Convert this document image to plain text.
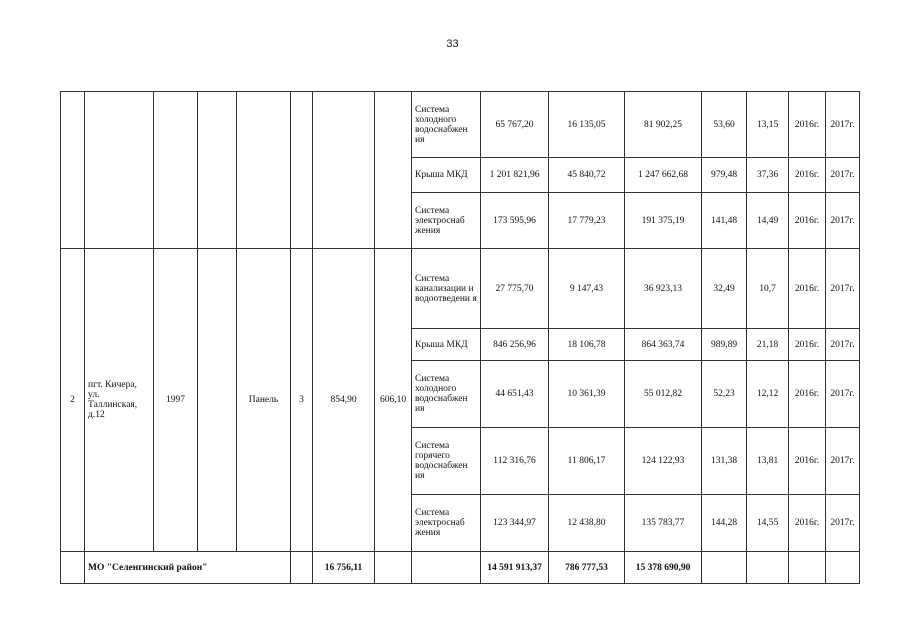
33
								Система холодного водоснабжен ия	65 767,20	16 135,05	81 902,25	53,60	13,15	2016г.	2017г.
								Крыша МКД	1 201 821,96	45 840,72	1 247 662,68	979,48	37,36	2016г.	2017г.
								Система электроснаб жения	173 595,96	17 779,23	191 375,19	141,48	14,49	2016г.	2017г.
2	пгт. Кичера, ул. Таллинская, д.12	1997		Панель	3	854,90	606,10	Система канализации и водоотведени я	27 775,70	9 147,43	36 923,13	32,49	10,7	2016г.	2017г.
								Крыша МКД	846 256,96	18 106,78	864 363,74	989,89	21,18	2016г.	2017г.
								Система холодного водоснабжен ия	44 651,43	10 361,39	55 012,82	52,23	12,12	2016г.	2017г.
								Система горячего водоснабжен ия	112 316,76	11 806,17	124 122,93	131,38	13,81	2016г.	2017г.
								Система электроснаб жения	123 344,97	12 438,80	135 783,77	144,28	14,55	2016г.	2017г.
	МО "Селенгинский район"					16 756,11			14 591 913,37	786 777,53	15 378 690,90				
